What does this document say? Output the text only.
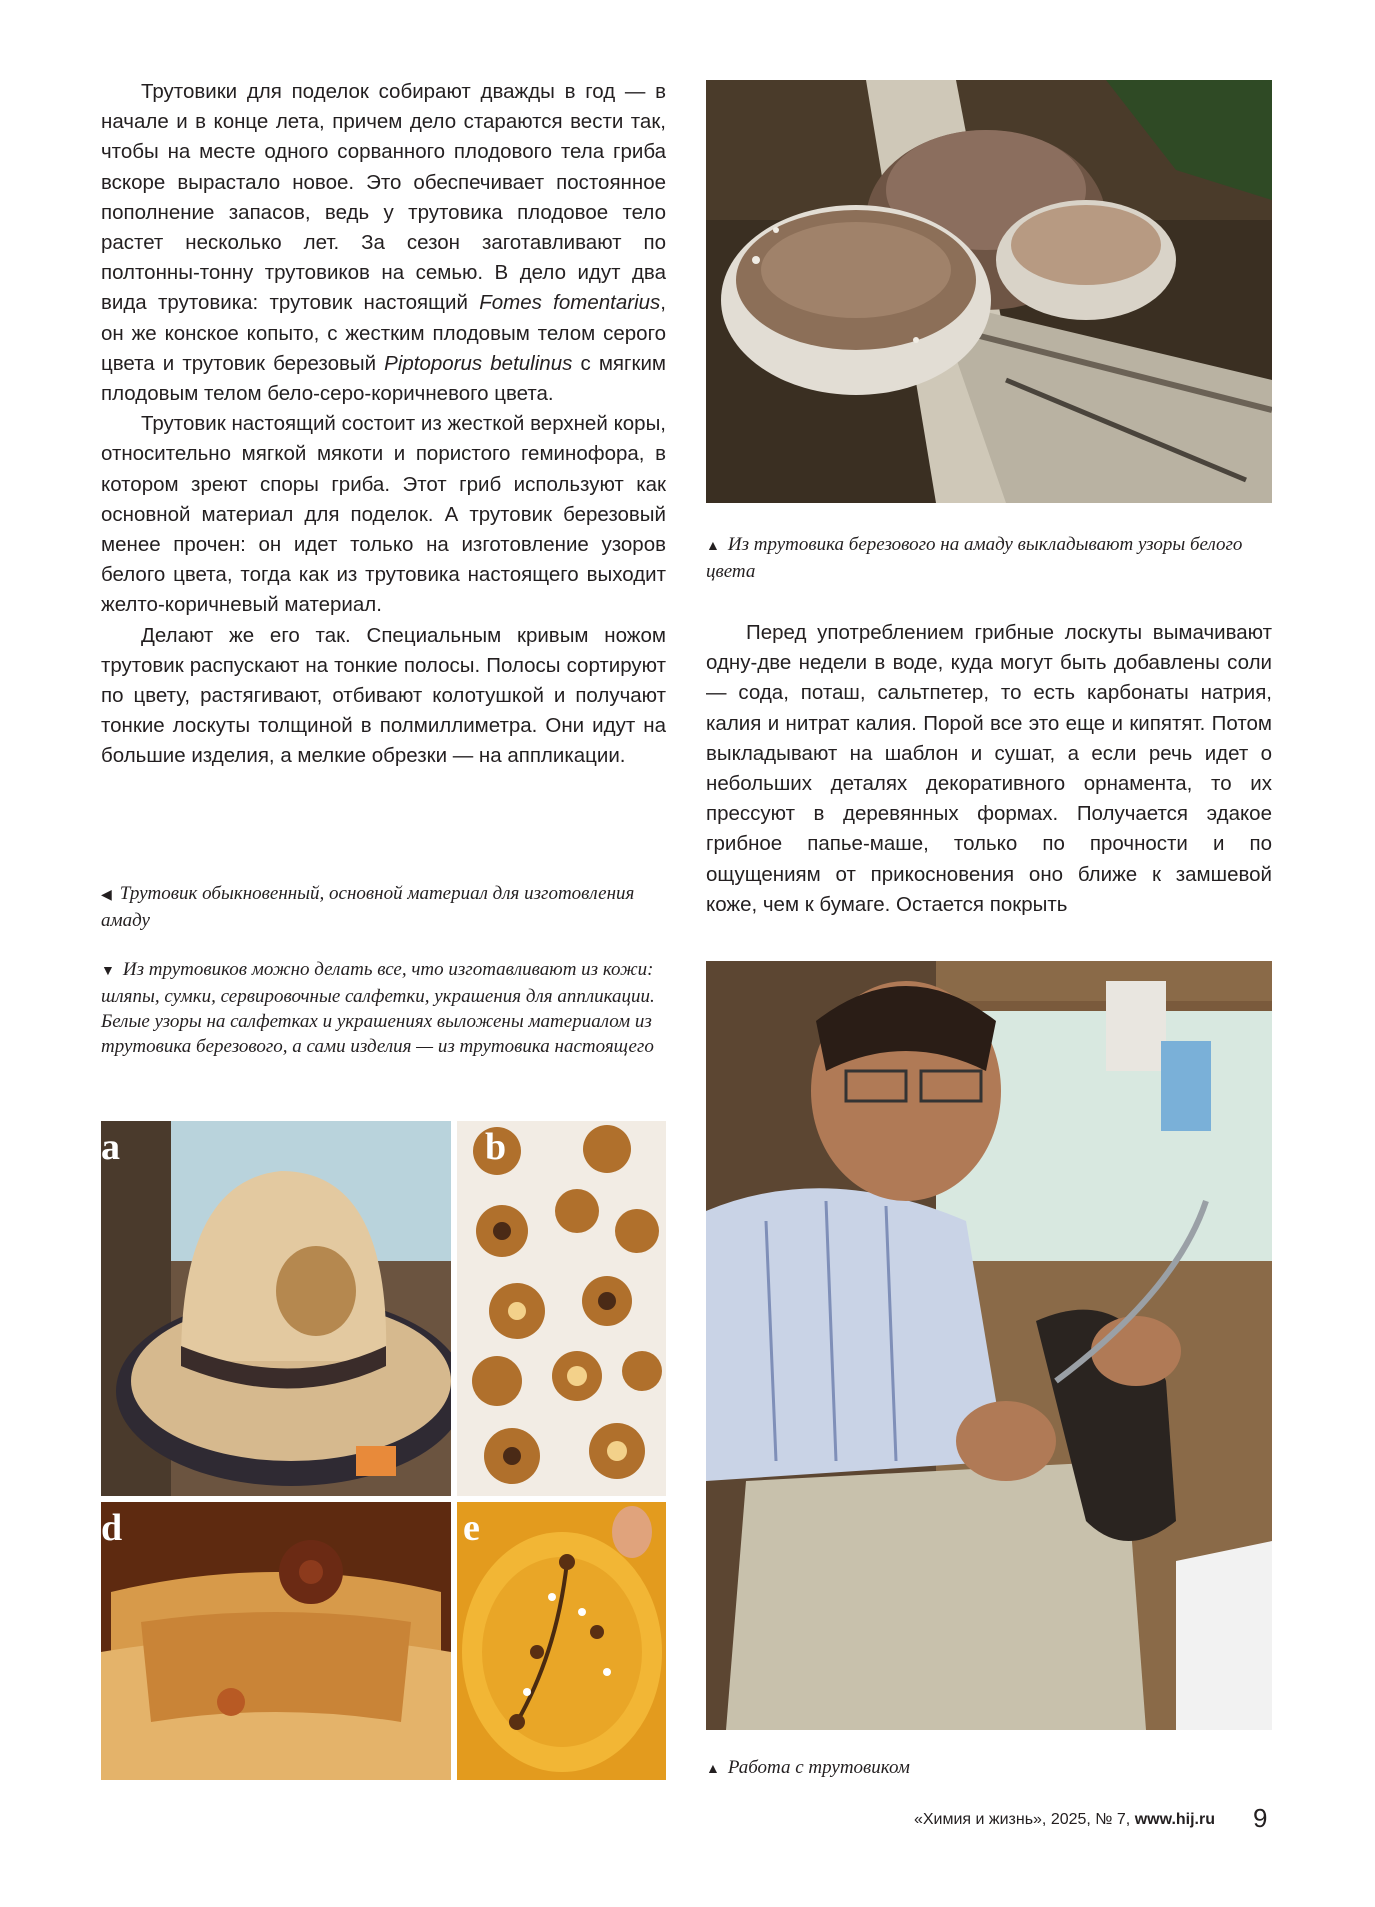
Трутовики для поделок собирают дважды в год — в начале и в конце лета, причем дело стараются вести так, чтобы на месте одного сорванного плодового тела гриба вскоре вырастало новое. Это обеспечивает постоянное пополнение запасов, ведь у трутовика плодовое тело растет несколько лет. За сезон заготавливают по полтонны-тонну трутовиков на семью. В дело идут два вида трутовика: трутовик настоящий Fomes fomentarius, он же конское копыто, с жестким плодовым телом серого цвета и трутовик березовый Piptoporus betulinus с мягким плодовым телом бело-серо-коричневого цвета.

Трутовик настоящий состоит из жесткой верхней коры, относительно мягкой мякоти и пористого геминофора, в котором зреют споры гриба. Этот гриб используют как основной материал для поделок. А трутовик березовый менее прочен: он идет только на изготовление узоров белого цвета, тогда как из трутовика настоящего выходит желто-коричневый материал.

Делают же его так. Специальным кривым ножом трутовик распускают на тонкие полосы. Полосы сортируют по цвету, растягивают, отбивают колотушкой и получают тонкие лоскуты толщиной в полмиллиметра. Они идут на большие изделия, а мелкие обрезки — на аппликации.

◀ Трутовик обыкновенный, основной материал для изготовления амаду
▼ Из трутовиков можно делать все, что изготавливают из кожи: шляпы, сумки, сервировочные салфетки, украшения для аппликации. Белые узоры на салфетках и украшениях выложены материалом из трутовика березового, а сами изделия — из трутовика настоящего
▲ Из трутовика березового на амаду выкладывают узоры белого цвета

Перед употреблением грибные лоскуты вымачивают одну-две недели в воде, куда могут быть добавлены соли — сода, поташ, сальтпетер, то есть карбонаты натрия, калия и нитрат калия. Порой все это еще и кипятят. Потом выкладывают на шаблон и сушат, а если речь идет о небольших деталях декоративного орнамента, то их прессуют в деревянных формах. Получается эдакое грибное папье-маше, только по прочности и по ощущениям от прикосновения оно ближе к замшевой коже, чем к бумаге. Остается покрыть

a	b
d	e
▲ Работа с трутовиком
«Химия и жизнь», 2025, № 7, www.hij.ru 9
